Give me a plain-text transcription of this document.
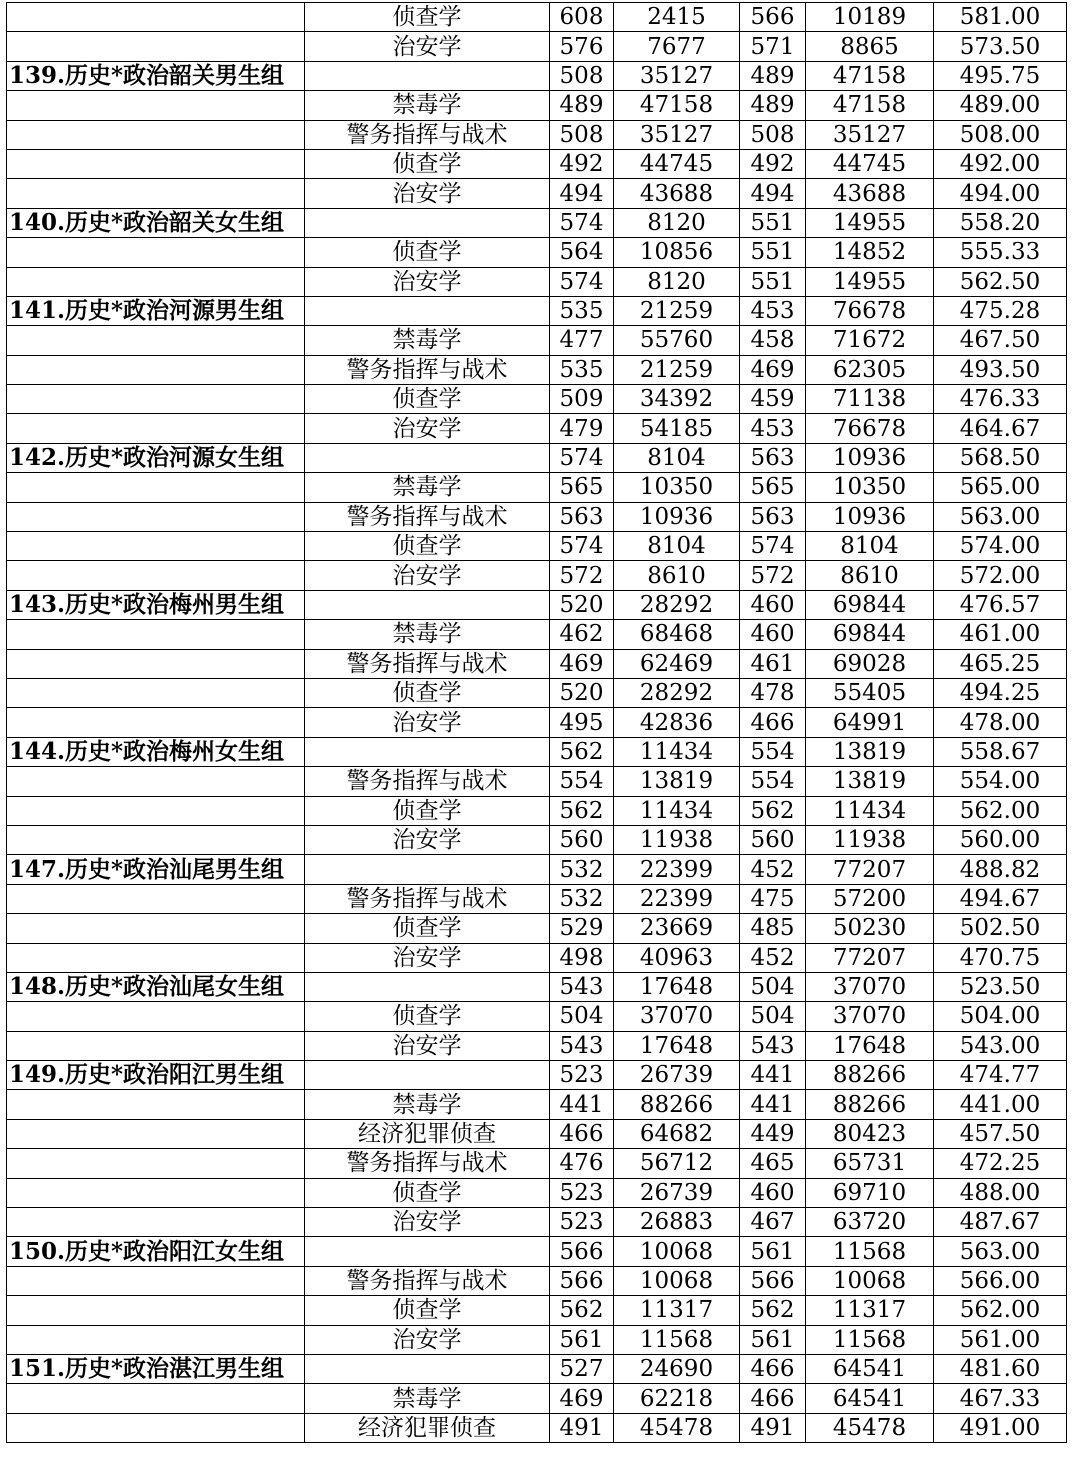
	侦查学	608	2415	566	10189	581.00
	治安学	576	7677	571	8865	573.50
139.历史*政治韶关男生组		508	35127	489	47158	495.75
	禁毒学	489	47158	489	47158	489.00
	警务指挥与战术	508	35127	508	35127	508.00
	侦查学	492	44745	492	44745	492.00
	治安学	494	43688	494	43688	494.00
140.历史*政治韶关女生组		574	8120	551	14955	558.20
	侦查学	564	10856	551	14852	555.33
	治安学	574	8120	551	14955	562.50
141.历史*政治河源男生组		535	21259	453	76678	475.28
	禁毒学	477	55760	458	71672	467.50
	警务指挥与战术	535	21259	469	62305	493.50
	侦查学	509	34392	459	71138	476.33
	治安学	479	54185	453	76678	464.67
142.历史*政治河源女生组		574	8104	563	10936	568.50
	禁毒学	565	10350	565	10350	565.00
	警务指挥与战术	563	10936	563	10936	563.00
	侦查学	574	8104	574	8104	574.00
	治安学	572	8610	572	8610	572.00
143.历史*政治梅州男生组		520	28292	460	69844	476.57
	禁毒学	462	68468	460	69844	461.00
	警务指挥与战术	469	62469	461	69028	465.25
	侦查学	520	28292	478	55405	494.25
	治安学	495	42836	466	64991	478.00
144.历史*政治梅州女生组		562	11434	554	13819	558.67
	警务指挥与战术	554	13819	554	13819	554.00
	侦查学	562	11434	562	11434	562.00
	治安学	560	11938	560	11938	560.00
147.历史*政治汕尾男生组		532	22399	452	77207	488.82
	警务指挥与战术	532	22399	475	57200	494.67
	侦查学	529	23669	485	50230	502.50
	治安学	498	40963	452	77207	470.75
148.历史*政治汕尾女生组		543	17648	504	37070	523.50
	侦查学	504	37070	504	37070	504.00
	治安学	543	17648	543	17648	543.00
149.历史*政治阳江男生组		523	26739	441	88266	474.77
	禁毒学	441	88266	441	88266	441.00
	经济犯罪侦查	466	64682	449	80423	457.50
	警务指挥与战术	476	56712	465	65731	472.25
	侦查学	523	26739	460	69710	488.00
	治安学	523	26883	467	63720	487.67
150.历史*政治阳江女生组		566	10068	561	11568	563.00
	警务指挥与战术	566	10068	566	10068	566.00
	侦查学	562	11317	562	11317	562.00
	治安学	561	11568	561	11568	561.00
151.历史*政治湛江男生组		527	24690	466	64541	481.60
	禁毒学	469	62218	466	64541	467.33
	经济犯罪侦查	491	45478	491	45478	491.00
